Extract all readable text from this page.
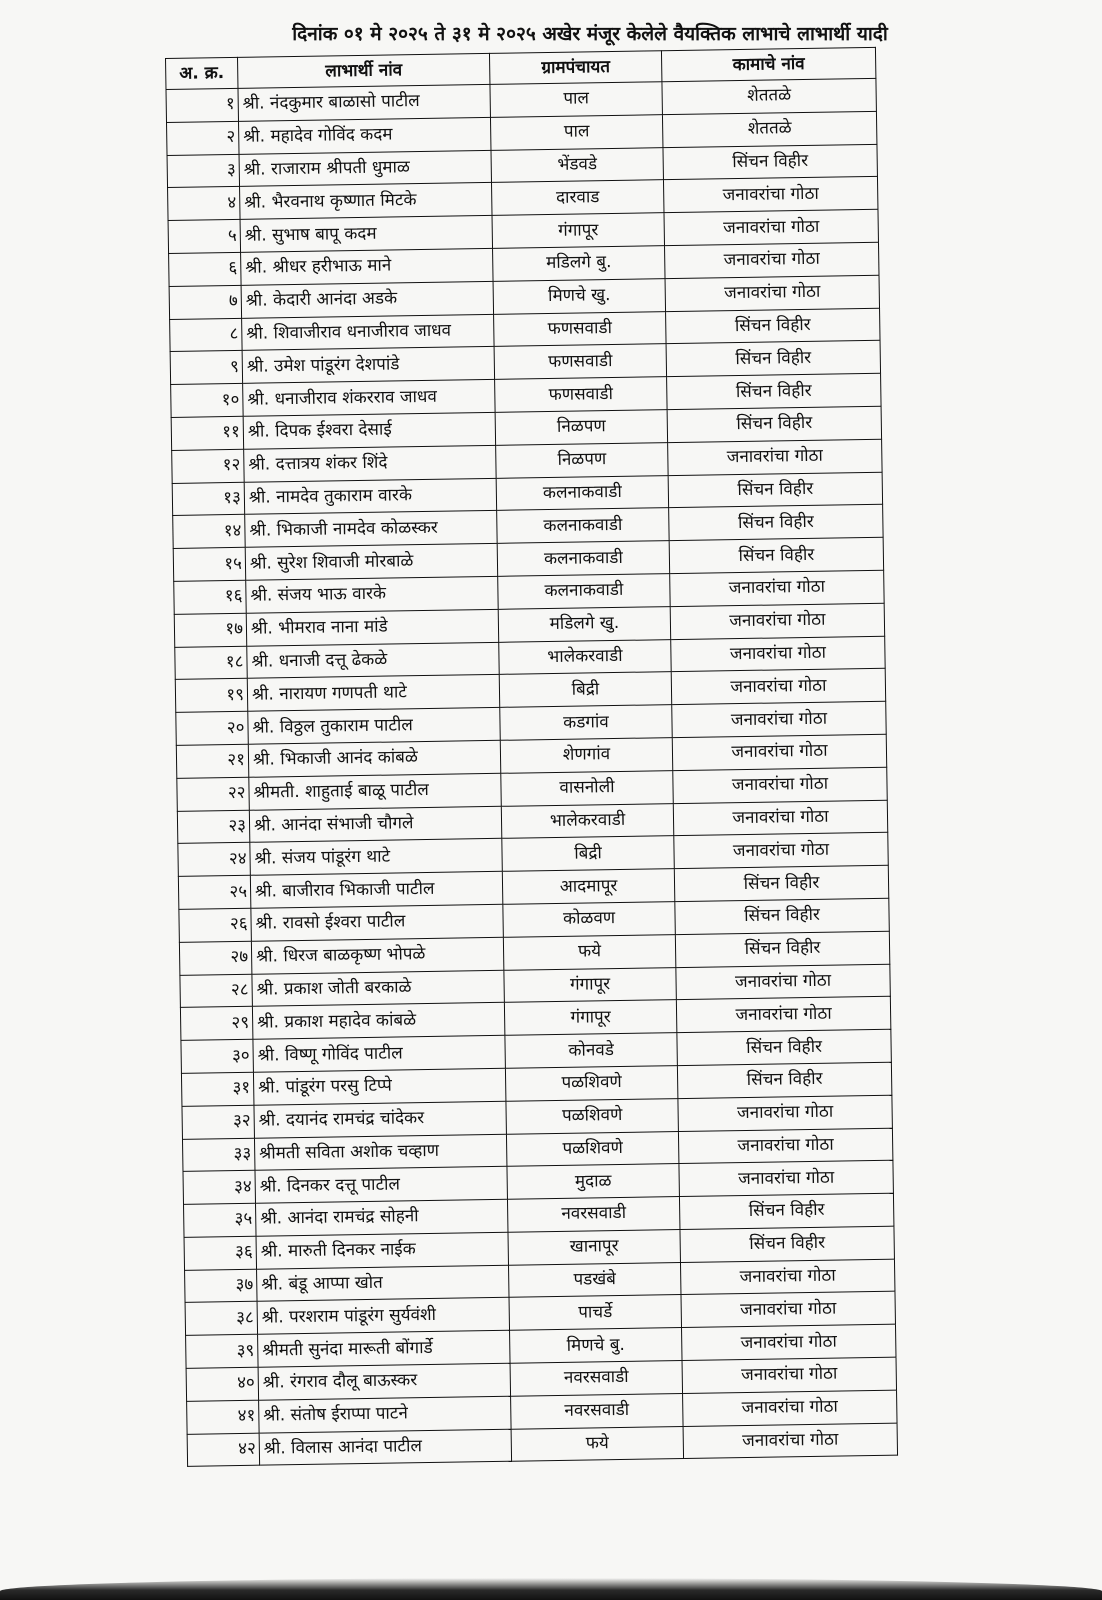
दिनांक ०१ मे २०२५ ते ३१ मे २०२५ अखेर मंजूर केलेले वैयक्तिक लाभाचे लाभार्थी यादी
अ. क्र.	लाभार्थी नांव	ग्रामपंचायत	कामाचे नांव
१	श्री. नंदकुमार बाळासो पाटील	पाल	शेततळे
२	श्री. महादेव गोविंद कदम	पाल	शेततळे
३	श्री. राजाराम श्रीपती धुमाळ	भेंडवडे	सिंचन विहीर
४	श्री. भैरवनाथ कृष्णात मिटके	दारवाड	जनावरांचा गोठा
५	श्री. सुभाष बापू कदम	गंगापूर	जनावरांचा गोठा
६	श्री. श्रीधर हरीभाऊ माने	मडिलगे बु.	जनावरांचा गोठा
७	श्री. केदारी आनंदा अडके	मिणचे खु.	जनावरांचा गोठा
८	श्री. शिवाजीराव धनाजीराव जाधव	फणसवाडी	सिंचन विहीर
९	श्री. उमेश पांडूरंग देशपांडे	फणसवाडी	सिंचन विहीर
१०	श्री. धनाजीराव शंकरराव जाधव	फणसवाडी	सिंचन विहीर
११	श्री. दिपक ईश्वरा देसाई	निळपण	सिंचन विहीर
१२	श्री. दत्तात्रय शंकर शिंदे	निळपण	जनावरांचा गोठा
१३	श्री. नामदेव तुकाराम वारके	कलनाकवाडी	सिंचन विहीर
१४	श्री. भिकाजी नामदेव कोळस्कर	कलनाकवाडी	सिंचन विहीर
१५	श्री. सुरेश शिवाजी मोरबाळे	कलनाकवाडी	सिंचन विहीर
१६	श्री. संजय भाऊ वारके	कलनाकवाडी	जनावरांचा गोठा
१७	श्री. भीमराव नाना मांडे	मडिलगे खु.	जनावरांचा गोठा
१८	श्री. धनाजी दत्तू ढेकळे	भालेकरवाडी	जनावरांचा गोठा
१९	श्री. नारायण गणपती थाटे	बिद्री	जनावरांचा गोठा
२०	श्री. विठ्ठल तुकाराम पाटील	कडगांव	जनावरांचा गोठा
२१	श्री. भिकाजी आनंद कांबळे	शेणगांव	जनावरांचा गोठा
२२	श्रीमती. शाहुताई बाळू पाटील	वासनोली	जनावरांचा गोठा
२३	श्री. आनंदा संभाजी चौगले	भालेकरवाडी	जनावरांचा गोठा
२४	श्री. संजय पांडूरंग थाटे	बिद्री	जनावरांचा गोठा
२५	श्री. बाजीराव भिकाजी पाटील	आदमापूर	सिंचन विहीर
२६	श्री. रावसो ईश्वरा पाटील	कोळवण	सिंचन विहीर
२७	श्री. धिरज बाळकृष्ण भोपळे	फये	सिंचन विहीर
२८	श्री. प्रकाश जोती बरकाळे	गंगापूर	जनावरांचा गोठा
२९	श्री. प्रकाश महादेव कांबळे	गंगापूर	जनावरांचा गोठा
३०	श्री. विष्णू गोविंद पाटील	कोनवडे	सिंचन विहीर
३१	श्री. पांडूरंग परसु टिप्पे	पळशिवणे	सिंचन विहीर
३२	श्री. दयानंद रामचंद्र चांदेकर	पळशिवणे	जनावरांचा गोठा
३३	श्रीमती सविता अशोक चव्हाण	पळशिवणे	जनावरांचा गोठा
३४	श्री. दिनकर दत्तू पाटील	मुदाळ	जनावरांचा गोठा
३५	श्री. आनंदा रामचंद्र सोहनी	नवरसवाडी	सिंचन विहीर
३६	श्री. मारुती दिनकर नाईक	खानापूर	सिंचन विहीर
३७	श्री. बंडू आप्पा खोत	पडखंबे	जनावरांचा गोठा
३८	श्री. परशराम पांडूरंग सुर्यवंशी	पाचर्डे	जनावरांचा गोठा
३९	श्रीमती सुनंदा मारूती बोंगार्डे	मिणचे बु.	जनावरांचा गोठा
४०	श्री. रंगराव दौलू बाऊस्कर	नवरसवाडी	जनावरांचा गोठा
४१	श्री. संतोष ईराप्पा पाटने	नवरसवाडी	जनावरांचा गोठा
४२	श्री. विलास आनंदा पाटील	फये	जनावरांचा गोठा
